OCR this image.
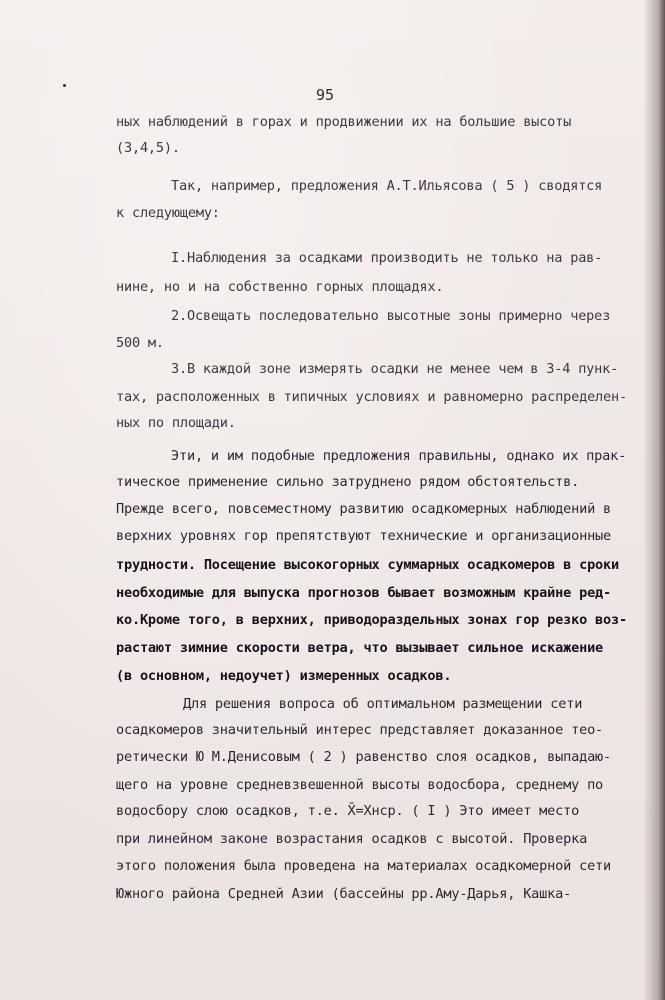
95
ных наблюдений в горах и продвижении их на большие высоты
(3,4,5).
Так, например, предложения А.Т.Ильясова ( 5 ) сводятся
к следующему:
I.Наблюдения за осадками производить не только на рав-
нине, но и на собственно горных площадях.
2.Освещать последовательно высотные зоны примерно через
500 м.
3.В каждой зоне измерять осадки не менее чем в 3-4 пунк-
тах, расположенных в типичных условиях и равномерно распределен-
ных по площади.
Эти, и им подобные предложения правильны, однако их прак-
тическое применение сильно затруднено рядом обстоятельств.
Прежде всего, повсеместному развитию осадкомерных наблюдений в
верхних уровнях гор препятствуют технические и организационные
трудности. Посещение высокогорных суммарных осадкомеров в сроки
необходимые для выпуска прогнозов бывает возможным крайне ред-
ко.Кроме того, в верхних, приводораздельных зонах гор резко воз-
растают зимние скорости ветра, что вызывает сильное искажение
(в основном, недоучет) измеренных осадков.
Для решения вопроса об оптимальном размещении сети
осадкомеров значительный интерес представляет доказанное тео-
ретически Ю М.Денисовым ( 2 ) равенство слоя осадков, выпадаю-
щего на уровне средневзвешенной высоты водосбора, среднему по
водосбору слою осадков, т.е. X̄=Xнср. ( I ) Это имеет место
при линейном законе возрастания осадков с высотой. Проверка
этого положения была проведена на материалах осадкомерной сети
Южного района Средней Азии (бассейны рр.Аму-Дарья, Кашка-
